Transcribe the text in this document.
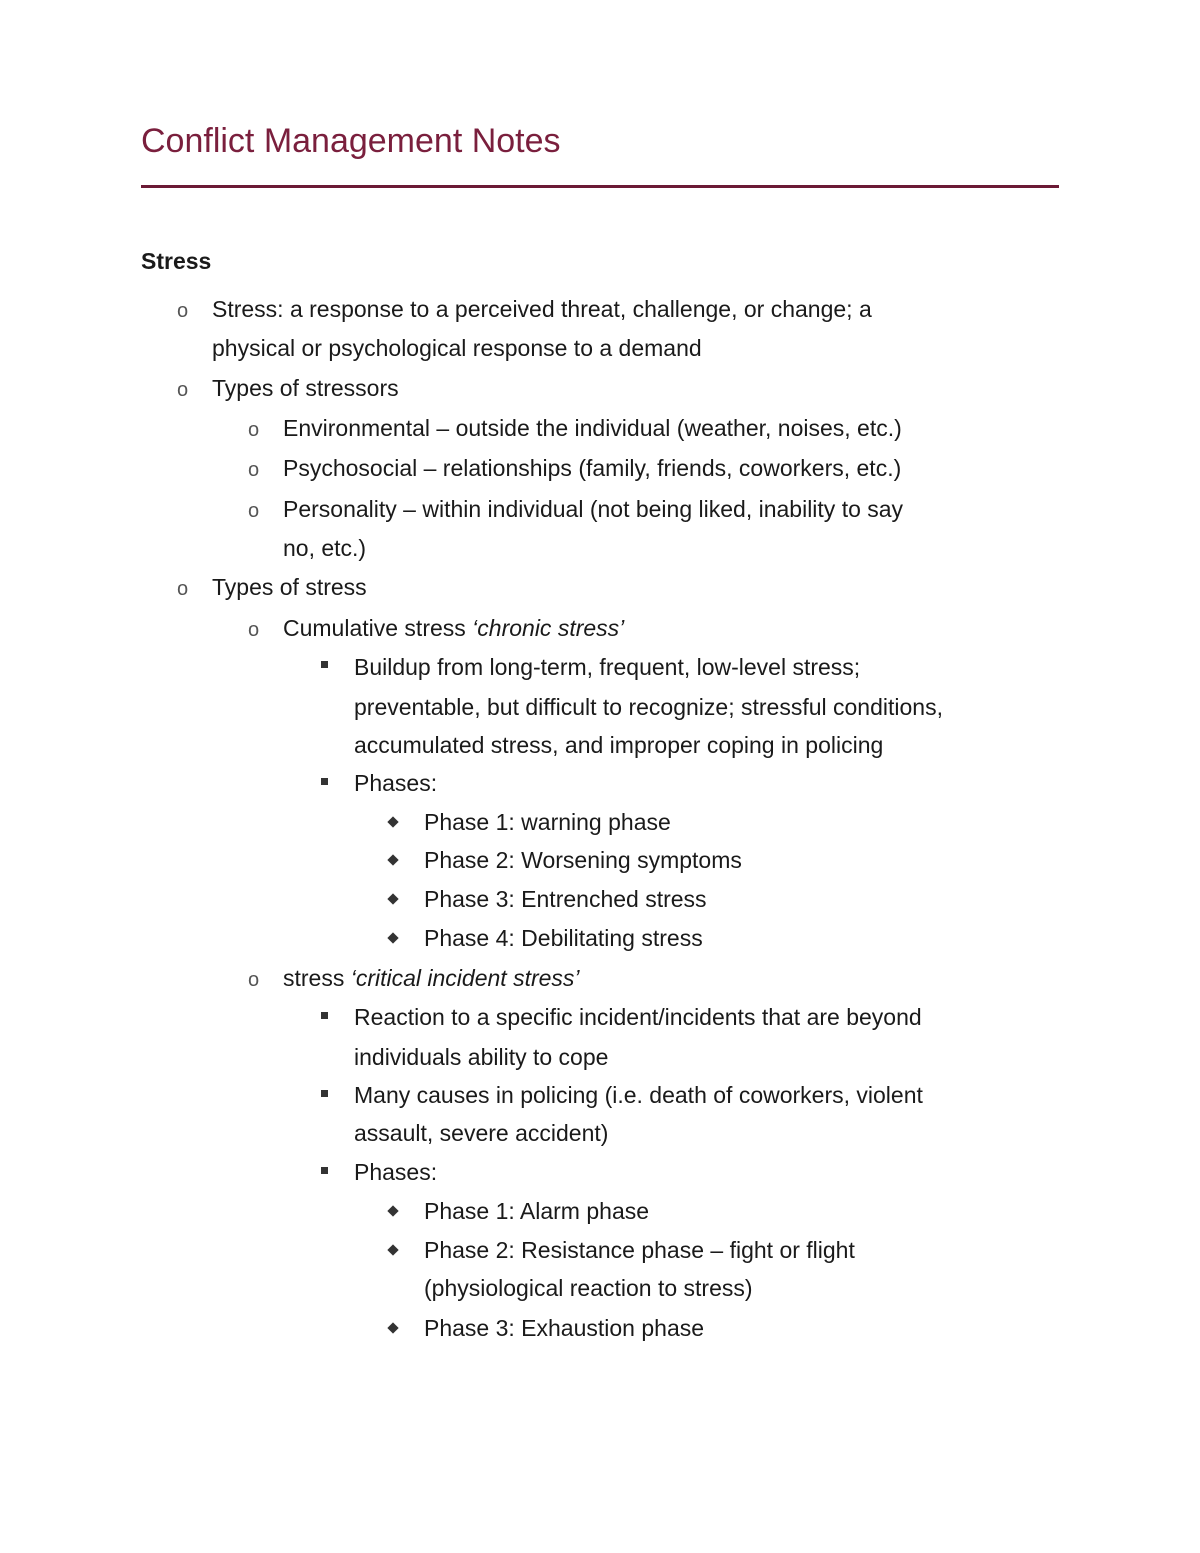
Conflict Management Notes
Stress
o Stress: a response to a perceived threat, challenge, or change; a
physical or psychological response to a demand
o Types of stressors
o Environmental – outside the individual (weather, noises, etc.)
o Psychosocial – relationships (family, friends, coworkers, etc.)
o Personality – within individual (not being liked, inability to say
no, etc.)
o Types of stress
o Cumulative stress ‘chronic stress’
Buildup from long-term, frequent, low-level stress;
preventable, but difficult to recognize; stressful conditions,
accumulated stress, and improper coping in policing
Phases:
Phase 1: warning phase
Phase 2: Worsening symptoms
Phase 3: Entrenched stress
Phase 4: Debilitating stress
o stress ‘critical incident stress’
Reaction to a specific incident/incidents that are beyond
individuals ability to cope
Many causes in policing (i.e. death of coworkers, violent
assault, severe accident)
Phases:
Phase 1: Alarm phase
Phase 2: Resistance phase – fight or flight
(physiological reaction to stress)
Phase 3: Exhaustion phase
